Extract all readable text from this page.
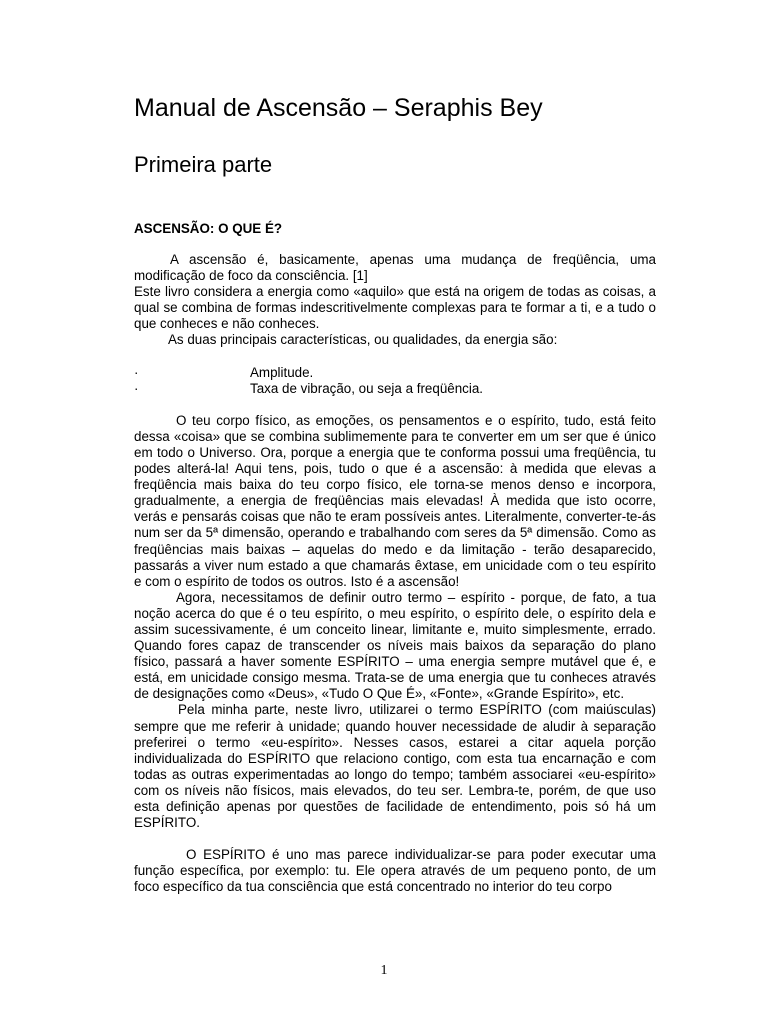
Manual de Ascensão – Seraphis Bey
Primeira parte
ASCENSÃO: O QUE É?

A ascensão é, basicamente, apenas uma mudança de freqüência, uma modificação de foco da consciência. [1]

Este livro considera a energia como «aquilo» que está na origem de todas as coisas, a qual se combina de formas indescritivelmente complexas para te formar a ti, e a tudo o que conheces e não conheces.

As duas principais características, ou qualidades, da energia são:

·	Amplitude.
·	Taxa de vibração, ou seja a freqüência.

O teu corpo físico, as emoções, os pensamentos e o espírito, tudo, está feito dessa «coisa» que se combina sublimemente para te converter em um ser que é único em todo o Universo. Ora, porque a energia que te conforma possui uma freqüência, tu podes alterá-la! Aqui tens, pois, tudo o que é a ascensão: à medida que elevas a freqüência mais baixa do teu corpo físico, ele torna-se menos denso e incorpora, gradualmente, a energia de freqüências mais elevadas! À medida que isto ocorre, verás e pensarás coisas que não te eram possíveis antes. Literalmente, converter-te-ás num ser da 5ª dimensão, operando e trabalhando com seres da 5ª dimensão. Como as freqüências mais baixas – aquelas do medo e da limitação - terão desaparecido, passarás a viver num estado a que chamarás êxtase, em unicidade com o teu espírito e com o espírito de todos os outros. Isto é a ascensão!

Agora, necessitamos de definir outro termo – espírito - porque, de fato, a tua noção acerca do que é o teu espírito, o meu espírito, o espírito dele, o espírito dela e assim sucessivamente, é um conceito linear, limitante e, muito simplesmente, errado. Quando fores capaz de transcender os níveis mais baixos da separação do plano físico, passará a haver somente ESPÍRITO – uma energia sempre mutável que é, e está, em unicidade consigo mesma. Trata-se de uma energia que tu conheces através de designações como «Deus», «Tudo O Que É», «Fonte», «Grande Espírito», etc.

Pela minha parte, neste livro, utilizarei o termo ESPÍRITO (com maiúsculas) sempre que me referir à unidade; quando houver necessidade de aludir à separação preferirei o termo «eu-espírito». Nesses casos, estarei a citar aquela porção individualizada do ESPÍRITO que relaciono contigo, com esta tua encarnação e com todas as outras experimentadas ao longo do tempo; também associarei «eu-espírito» com os níveis não físicos, mais elevados, do teu ser. Lembra-te, porém, de que uso esta definição apenas por questões de facilidade de entendimento, pois só há um ESPÍRITO.

O ESPÍRITO é uno mas parece individualizar-se para poder executar uma função específica, por exemplo: tu. Ele opera através de um pequeno ponto, de um foco específico da tua consciência que está concentrado no interior do teu corpo

1
